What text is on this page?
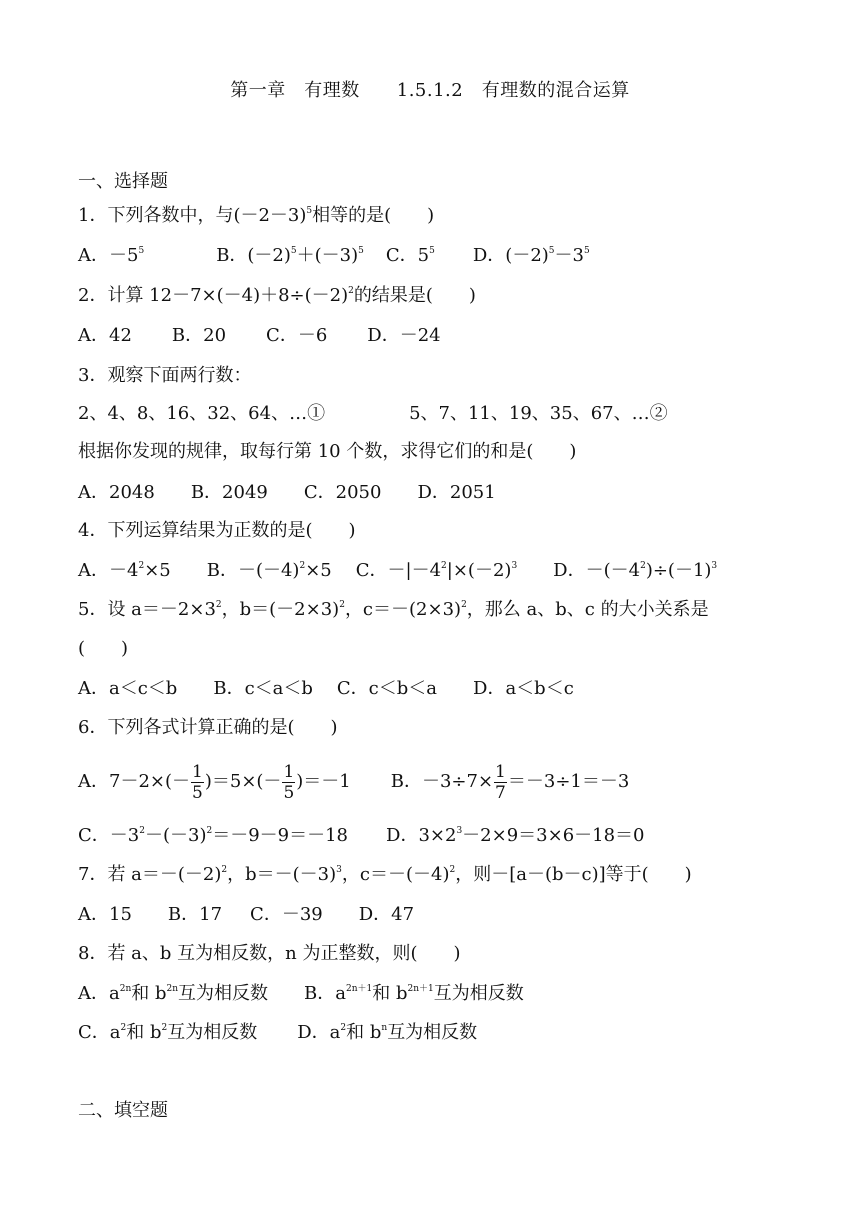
第一章　有理数　　1.5.1.2　有理数的混合运算
一、选择题
1．下列各数中，与$(-2-3)^5$相等的是(　　)
A．$-5^5$	B．$(-2)^5+(-3)^5$ C．$5^5$ D．$(-2)^5-3^5$
2．计算 $12-7\times(-4)+8\div(-2)^2$的结果是(　　)
A．42 B．20 C．－6 D．－24
3．观察下面两行数：
2、4、8、16、32、64、…①	5、7、11、19、35、67、…②
根据你发现的规律，取每行第 10 个数，求得它们的和是(　　)
A．2048 B．2049 C．2050 D．2051
4．下列运算结果为正数的是(　　)
A．$-4^2\times 5$ B．$-(-4)^2\times 5$ C．$-|-4^2|\times(-2)^3$ D．$-(-4^2)\div(-1)^3$
5．设 $a=-2\times 3^2$，$b=(-2\times 3)^2$，$c=-(2\times 3)^2$，那么 a、b、c 的大小关系是
(　　)
A．a＜c＜b B．c＜a＜b C．c＜b＜a D．a＜b＜c
6．下列各式计算正确的是(　　)
A．$7-2\times(- \frac{1}{5} )=5\times(- \frac{1}{5} )=-1$ B．$-3\div 7\times \frac{1}{7} =-3\div 1=-3$
C．$-3^2-(-3)^2=-9-9=-18$ D．$3\times 2^3-2\times 9=3\times 6-18=0$
7．若 $a=-(-2)^2$，$b=-(-3)^3$，$c=-(-4)^2$，则－[a－(b－c)]等于(　　)
A．15 B．17 C．－39 D．47
8．若 a、b 互为相反数，n 为正整数，则(　　)
A．$a^{2n}$和 $b^{2n}$互为相反数 B．$a^{2n+1}$和 $b^{2n+1}$互为相反数
C．$a^2$和 $b^2$互为相反数 D．$a^2$和 $b^n$互为相反数
二、填空题
